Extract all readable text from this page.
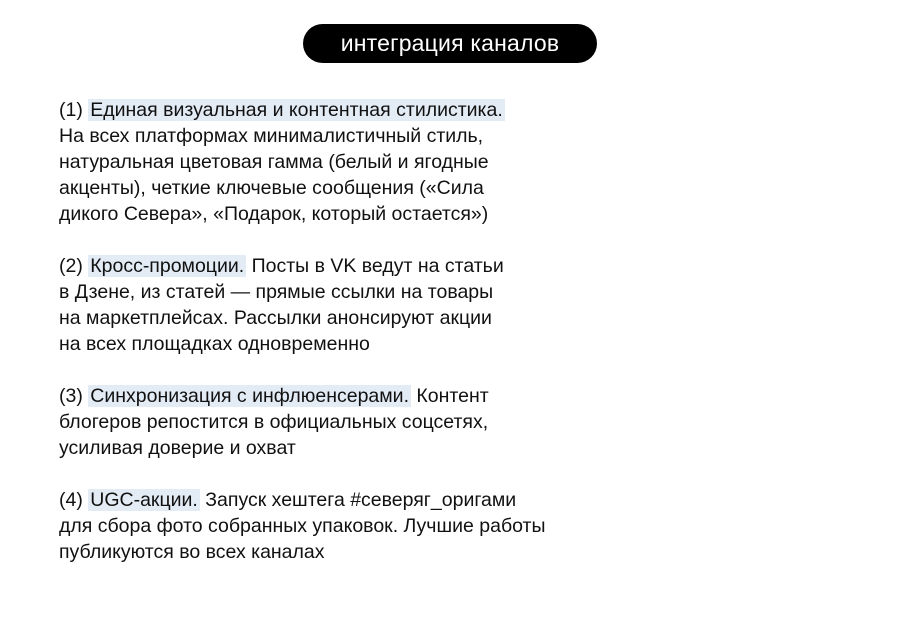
интеграция каналов
(1) Единая визуальная и контентная стилистика.
На всех платформах минималистичный стиль,
натуральная цветовая гамма (белый и ягодные
акценты), четкие ключевые сообщения («Сила
дикого Севера», «Подарок, который остается»)
(2) Кросс-промоции. Посты в VK ведут на статьи
в Дзене, из статей — прямые ссылки на товары
на маркетплейсах. Рассылки анонсируют акции
на всех площадках одновременно
(3) Синхронизация с инфлюенсерами. Контент
блогеров репостится в официальных соцсетях,
усиливая доверие и охват
(4) UGC-акции. Запуск хештега #северяг_оригами
для сбора фото собранных упаковок. Лучшие работы
публикуются во всех каналах
